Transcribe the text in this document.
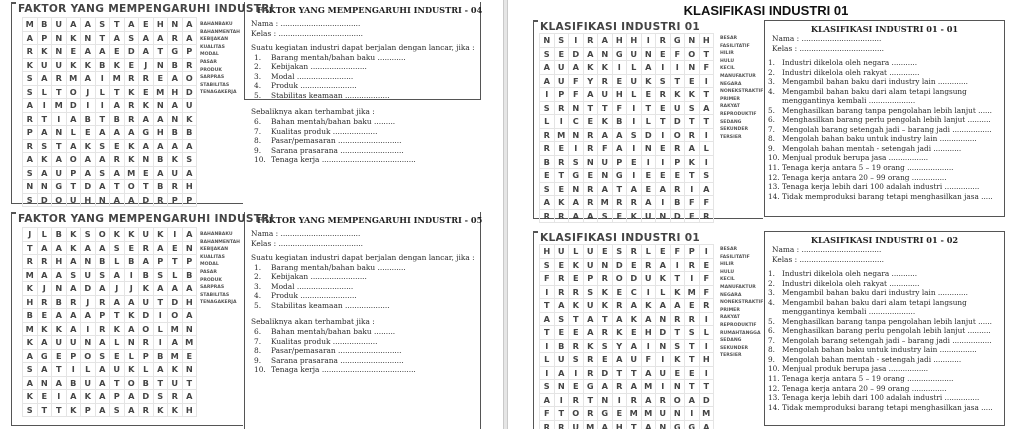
FAKTOR YANG MEMPENGARUHI INDUSTRI
M B U A A	S	T	A	E	H N A
A	P N K N	T	A	S	A A R A
R K N	E	A A	E	D A	T	G P
K U U K K	B K	E	J	N B	R
S	A R M A	I	M R R	E	A O
S	L	T	O	J	L	T	K	E M H D
A	I	M D	I	I	A R K N A U
R	T	I	A	B	T	B	R A A N K
P	A N	L	E	A A A G H B	B
R	S	T	A K	S	E	K A A A A
A K A O A A R K N B K	S
S	A U P	A	S	A M E	A U A
N N G	T	D A	T	O	T	B	R H
S D O U H N A A D R	P	P
BAHANBAKU
BAHANMENTAH
KEBIJAKAN
KUALITAS
MODAL
PASAR
PRODUK
SARPRAS
STABILITAS
TENAGAKERJA
FAKTOR YANG MEMPENGARUHI INDUSTRI - 04
Nama : ..................................
Kelas : ....................................
Suatu kegiatan industri dapat berjalan dengan lancar, jika :
1.	Barang mentah/bahan baku ............
2.	Kebijakan ........................
3.	Modal ........................
4.	Produk ........................
5.	Stabilitas keamaan ...................
Sebaliknya akan terhambat jika :
6.	Bahan mentah/bahan baku .........
7.	Kualitas produk ...................
8.	Pasar/pemasaran ...........................
9.	Sarana prasarana ...........................
10. Tenaga kerja ........................................
FAKTOR YANG MEMPENGARUHI INDUSTRI
J	L	B K	S O K K U K	I	A
T	A A K A A	S	E	R A	E	N
R R H A N B	L	B	A	P	T	P
M A A	S	U	S	A	I	B	S	L	B
K	J	N A D A	J	J	K A A A
H R	B	R	J	R A A U	T	D H
B	E	A A A	P	T	K D	I	O A
M K K A	I	R K A O	L M N
K A U U N A	L	N R	I	A M
A G	E	P O S	E	L	P	B M E
S	A	T	I	L	A U K	L	A K N
A N A	B U A	T	O B	T	U	T
K	E	I	A K A	P	A D S	R A
S	T	T	K	P	A	S	A R K K H
BAHANBAKU
BAHANMENTAH
KEBIJAKAN
KUALITAS
MODAL
PASAR
PRODUK
SARPRAS
STABILITAS
TENAGAKERJA
FAKTOR YANG MEMPENGARUHI INDUSTRI - 05
Nama : ..................................
Kelas : ....................................
Suatu kegiatan industri dapat berjalan dengan lancar, jika :
1.	Barang mentah/bahan baku ............
2.	Kebijakan ........................
3.	Modal ........................
4.	Produk ........................
5.	Stabilitas keamaan ...................
Sebaliknya akan terhambat jika :
6.	Bahan mentah/bahan baku .........
7.	Kualitas produk ...................
8.	Pasar/pemasaran ...........................
9.	Sarana prasarana ...........................
10. Tenaga kerja ........................................
KLASIFIKASI INDUSTRI 01
KLASIFIKASI INDUSTRI 01
N S	I	R A H H	I	R G N H
S	E	D A N G U N	E	F	O	T
A U A K K	I	L	A	I	I	N	F
A U	F	Y	R	E	U K	S	T	E	I
I	P	F	A U H	L	E	R K K	T
S	R N	T	T	F	I	T	E	U	S	A
L	I	C	E	K	B	I	L	T	D	T	T
R M N R A A	S D	I	O R	I
R	E	I	R	F	A	I	N	E	R A	L
B	R	S N U P	E	I	I	P	K	I
E	T	G	E	N G	I	E	E	E	T	S
S	E	N R A	T	A	E	A R	I	A
A K A R M R R A	I	B	F	F
R R A A	S	E	K U N D	E	R
BESAR
FASILITATIF
HILIR
HULU
KECIL
MANUFAKTUR
NEGARA
NONEKSTRAKTIF
PRIMER
RAKYAT
REPRODUKTIF
SEDANG
SEKUNDER
TERSIER
KLASIFIKASI INDUSTRI 01 - 01
Nama : ..................................
Kelas : ....................................
1. Industri dikelola oleh negara ...........
2. Industri dikelola oleh rakyat .............
3. Mengambil bahan baku dari industry lain .............
4. Mengambil bahan baku dari alam tetapi langsung
menggantinya kembali ....................
5. Menghasilkan barang tanpa pengolahan lebih lanjut ......
6. Menghasilkan barang perlu pengolah lebih lanjut ..........
7. Mengolah barang setengah jadi – barang jadi .................
8. Mengolah bahan baku untuk industry lain ................
9. Mengolah bahan mentah - setengah jadi ............
10. Menjual produk berupa jasa .................
11. Tenaga kerja antara 5 – 19 orang ....................
12. Tenaga kerja antara 20 – 99 orang ...............
13. Tenaga kerja lebih dari 100 adalah industri ...............
14. Tidak memproduksi barang tetapi menghasilkan jasa .....
KLASIFIKASI INDUSTRI 01
H U	L	U	E	S	R	L	E	F	P	I
S	E	K U N D	E	R A	I	R	E
F	R	E	P	R O D U K	T	I	F
I	R R	S	K	E	C	I	L	K M F
T	A K U K R A K A A	E	R
A	S	T	A	T	A K A N R R	I
T	E	E	A R K	E	H D	T	S	L
I	B	R K	S	Y	A	I	N S	T	I
L	U	S	R	E	A U	F	I	K	T	H
I	A	I	R D	T	T	A U	E	E	I
S N	E	G A R A M	I	N	T	T
A	I	R	T	N	I	R A R O A D
F	T	O R G	E M M U N	I	M
R R U M A H	T	A N G G A
BESAR
FASILITATIF
HILIR
HULU
KECIL
MANUFAKTUR
NEGARA
NONEKSTRAKTIF
PRIMER
RAKYAT
REPRODUKTIF
RUMAHTANGGA
SEDANG
SEKUNDER
TERSIER
KLASIFIKASI INDUSTRI 01 - 02
Nama : ..................................
Kelas : ....................................
1. Industri dikelola oleh negara ...........
2. Industri dikelola oleh rakyat .............
3. Mengambil bahan baku dari industry lain .............
4. Mengambil bahan baku dari alam tetapi langsung
menggantinya kembali ....................
5. Menghasilkan barang tanpa pengolahan lebih lanjut ......
6. Menghasilkan barang perlu pengolah lebih lanjut ..........
7. Mengolah barang setengah jadi – barang jadi .................
8. Mengolah bahan baku untuk industry lain ................
9. Mengolah bahan mentah - setengah jadi ............
10. Menjual produk berupa jasa .................
11. Tenaga kerja antara 5 – 19 orang ....................
12. Tenaga kerja antara 20 – 99 orang ...............
13. Tenaga kerja lebih dari 100 adalah industri ...............
14. Tidak memproduksi barang tetapi menghasilkan jasa .....
